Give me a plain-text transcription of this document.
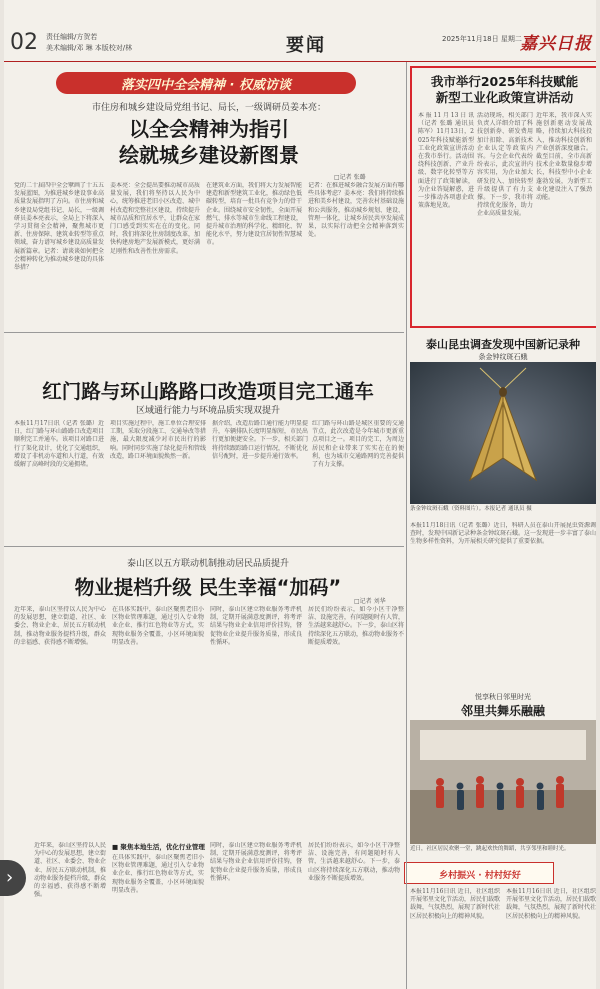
02 责任编辑/方贺若
美术编辑/邓 琳 本版校对/林	要闻	2025年11月18日 星期二
嘉兴日报
落实四中全会精神 · 权威访谈
市住房和城乡建设局党组书记、局长，一级调研员姜本亮：
以全会精神为指引
绘就城乡建设新图景
□记者 张璐
党的二十届四中全会擘画了十五五发展蓝图，为推进城乡建设事业高质量发展指明了方向。市住房和城乡建设局党组书记、局长，一级调研员姜本亮表示，全局上下将深入学习贯彻全会精神，聚焦城市更新、住房保障、建筑业转型等重点领域，奋力谱写城乡建设高质量发展新篇章。记者：请谈谈如何把全会精神转化为推动城乡建设的具体举措？
姜本亮：全会提出要推动城市高质量发展，我们将坚持以人民为中心，统筹推进老旧小区改造、城中村改造和完整社区建设，持续提升城市品质和宜居水平，让群众在家门口感受到实实在在的变化。同时，我们将深化住房制度改革，加快构建房地产发展新模式，更好满足刚性和改善性住房需求。
在建筑业方面，我们将大力发展智能建造和新型建筑工业化，推动绿色低碳转型，培育一批具有竞争力的骨干企业。围绕城市安全韧性，全面开展燃气、排水等城市生命线工程建设，提升城市治理的科学化、精细化、智能化水平，努力建设宜居韧性智慧城市。
记者：在推进城乡融合发展方面有哪些具体考虑？姜本亮：我们将持续推进和美乡村建设，完善农村基础设施和公共服务，推动城乡规划、建设、管理一体化，让城乡居民共享发展成果，以实际行动把全会精神落到实处。
我市举行2025年科技赋能
新型工业化政策宣讲活动
本报11月13日讯（记者 张璐 通讯员 陈军）11月13日，2025年科技赋能新型工业化政策宣讲活动在我市举行。活动围绕科技创新、产业升级、数字化转型等方面进行了政策解读，为企业答疑解惑，进一步推动各项惠企政策落地见效。
活动现场，相关部门负责人详细介绍了科技创新券、研发费用加计扣除、高新技术企业认定等政策内容。与会企业代表纷纷表示，此次宣讲内容实用，为企业加大研发投入、加快转型升级提供了有力支撑。下一步，我市将持续优化服务，助力企业高质量发展。
近年来，我市深入实施创新驱动发展战略，持续加大科技投入，推动科技创新和产业创新深度融合。截至目前，全市高新技术企业数量稳步增长，科技型中小企业蓬勃发展，为新型工业化建设注入了强劲动能。
红门路与环山路路口改造项目完工通车
区域通行能力与环境品质实现双提升
本报11月17日讯（记者 张璐）近日，红门路与环山路路口改造项目顺利完工并通车。该项目对路口进行了渠化设计，优化了交通组织，增设了非机动车道和人行道，有效缓解了高峰时段的交通拥堵。
项目实施过程中，施工单位合理安排工期，采取分段施工、交通导改等措施，最大限度减少对市民出行的影响。同时同步实施了绿化提升和管线改造，路口环境面貌焕然一新。
据介绍，改造后路口通行能力明显提升，车辆排队长度明显缩短，市民出行更加便捷安全。下一步，相关部门将持续跟踪路口运行情况，不断优化信号配时，进一步提升通行效率。
红门路与环山路是城区重要的交通节点，此次改造是今年城市更新重点项目之一。项目的完工，为周边居民和企业带来了实实在在的便利，也为城市交通路网的完善提供了有力支撑。
泰山昆虫调查发现中国新记录种
条金钟纹斑石蛾
条金钟纹斑石蛾（资料图片）。本报记者 通讯员 摄
本报11月18日讯（记者 张璐）近日，科研人员在泰山开展昆虫资源调查时，发现中国新记录种条金钟纹斑石蛾。这一发现进一步丰富了泰山生物多样性资料，为开展相关研究提供了重要依据。
泰山区以五方联动机制推动居民品质提升
物业提档升级 民生幸福“加码”
□记者 刘华
近年来，泰山区坚持以人民为中心的发展思想，建立街道、社区、业委会、物业企业、居民五方联动机制，推动物业服务提档升级，群众的幸福感、获得感不断增强。
在具体实践中，泰山区聚焦老旧小区物业管理难题，通过引入专业物业企业、推行红色物业等方式，实现物业服务全覆盖，小区环境面貌明显改善。
同时，泰山区建立物业服务考评机制，定期开展满意度测评，将考评结果与物业企业信用评价挂钩，督促物业企业提升服务质量，形成良性循环。
居民们纷纷表示，如今小区干净整洁、设施完善，有问题随时有人管，生活越来越舒心。下一步，泰山区将持续深化五方联动，推动物业服务不断提质增效。
■ 聚焦本地生活，优化行业管理
在具体实践中，泰山区聚焦老旧小区物业管理难题，通过引入专业物业企业、推行红色物业等方式，实现物业服务全覆盖，小区环境面貌明显改善。
同时，泰山区建立物业服务考评机制，定期开展满意度测评，将考评结果与物业企业信用评价挂钩，督促物业企业提升服务质量，形成良性循环。
居民们纷纷表示，如今小区干净整洁、设施完善，有问题随时有人管，生活越来越舒心。下一步，泰山区将持续深化五方联动，推动物业服务不断提质增效。
近年来，泰山区坚持以人民为中心的发展思想，建立街道、社区、业委会、物业企业、居民五方联动机制，推动物业服务提档升级，群众的幸福感、获得感不断增强。
悦享秋日邻里时光
邻里共舞乐融融
近日，社区居民欢聚一堂，跳起欢快的舞蹈，共享邻里和睦时光。
乡村振兴 · 村村好好
本报11月16日讯 近日，社区组织开展邻里文化节活动，居民们载歌载舞，气氛热烈，展现了新时代社区居民积极向上的精神风貌。
本报11月16日讯 近日，社区组织开展邻里文化节活动，居民们载歌载舞，气氛热烈，展现了新时代社区居民积极向上的精神风貌。
›
